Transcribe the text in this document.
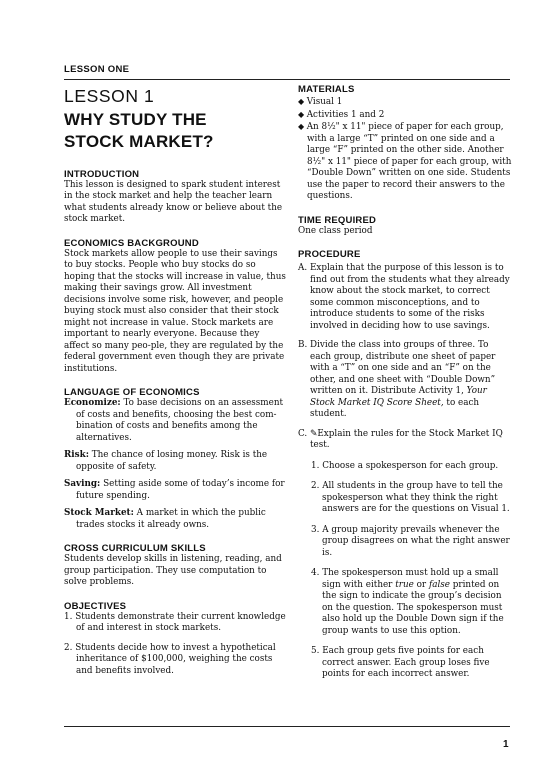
LESSON ONE
LESSON 1
WHY STUDY THE
STOCK MARKET?
INTRODUCTION

This lesson is designed to spark student interest in the stock market and help the teacher learn what students already know or believe about the stock market.

ECONOMICS BACKGROUND

Stock markets allow people to use their savings to buy stocks. People who buy stocks do so hoping that the stocks will increase in value, thus making their savings grow. All investment decisions involve some risk, however, and people buying stock must also consider that their stock might not increase in value. Stock markets are important to nearly everyone. Because they affect so many peo-ple, they are regulated by the federal government even though they are private institutions.

LANGUAGE OF ECONOMICS

Economize: To base decisions on an assessment of costs and benefits, choosing the best com-bination of costs and benefits among the alternatives.

Risk: The chance of losing money. Risk is the opposite of safety.

Saving: Setting aside some of today’s income for future spending.

Stock Market: A market in which the public trades stocks it already owns.

CROSS CURRICULUM SKILLS

Students develop skills in listening, reading, and group participation. They use computation to solve problems.

OBJECTIVES

1. Students demonstrate their current knowledge of and interest in stock markets.

2. Students decide how to invest a hypothetical inheritance of $100,000, weighing the costs and benefits involved.

MATERIALS
◆ Visual 1
◆ Activities 1 and 2
◆ An 8½" x 11" piece of paper for each group, with a large “T” printed on one side and a large “F” printed on the other side. Another 8½" x 11" piece of paper for each group, with “Double Down” written on one side. Students use the paper to record their answers to the questions.
TIME REQUIRED

One class period

PROCEDURE

A. Explain that the purpose of this lesson is to find out from the students what they already know about the stock market, to correct some common misconceptions, and to introduce students to some of the risks involved in deciding how to use savings.

B. Divide the class into groups of three. To each group, distribute one sheet of paper with a “T” on one side and an “F” on the other, and one sheet with “Double Down” written on it. Distribute Activity 1, Your Stock Market IQ Score Sheet, to each student.

C. ✎Explain the rules for the Stock Market IQ test.

1. Choose a spokesperson for each group.

2. All students in the group have to tell the spokesperson what they think the right answers are for the questions on Visual 1.

3. A group majority prevails whenever the group disagrees on what the right answer is.

4. The spokesperson must hold up a small sign with either true or false printed on the sign to indicate the group’s decision on the question. The spokesperson must also hold up the Double Down sign if the group wants to use this option.

5. Each group gets five points for each correct answer. Each group loses five points for each incorrect answer.

1
